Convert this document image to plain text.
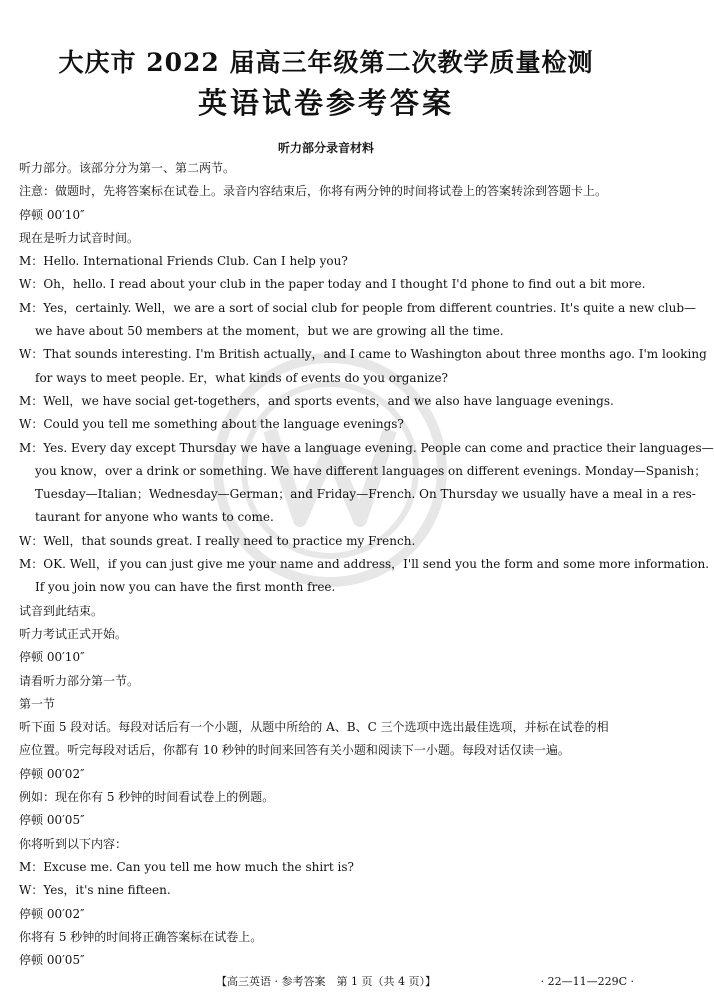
大庆市 2022 届高三年级第二次教学质量检测
英语试卷参考答案
听力部分录音材料
听力部分。该部分分为第一、第二两节。
注意：做题时，先将答案标在试卷上。录音内容结束后，你将有两分钟的时间将试卷上的答案转涂到答题卡上。
停顿 00′10″
现在是听力试音时间。
M：Hello. International Friends Club. Can I help you?
W：Oh，hello. I read about your club in the paper today and I thought I'd phone to find out a bit more.
M：Yes，certainly. Well，we are a sort of social club for people from different countries. It's quite a new club—
we have about 50 members at the moment，but we are growing all the time.
W：That sounds interesting. I'm British actually，and I came to Washington about three months ago. I'm looking
for ways to meet people. Er，what kinds of events do you organize?
M：Well，we have social get-togethers，and sports events，and we also have language evenings.
W：Could you tell me something about the language evenings?
M：Yes. Every day except Thursday we have a language evening. People can come and practice their languages—
you know，over a drink or something. We have different languages on different evenings. Monday—Spanish；
Tuesday—Italian；Wednesday—German；and Friday—French. On Thursday we usually have a meal in a res-
taurant for anyone who wants to come.
W：Well，that sounds great. I really need to practice my French.
M：OK. Well，if you can just give me your name and address，I'll send you the form and some more information.
If you join now you can have the first month free.
试音到此结束。
听力考试正式开始。
停顿 00′10″
请看听力部分第一节。
第一节
听下面 5 段对话。每段对话后有一个小题，从题中所给的 A、B、C 三个选项中选出最佳选项，并标在试卷的相
应位置。听完每段对话后，你都有 10 秒钟的时间来回答有关小题和阅读下一小题。每段对话仅读一遍。
停顿 00′02″
例如：现在你有 5 秒钟的时间看试卷上的例题。
停顿 00′05″
你将听到以下内容：
M：Excuse me. Can you tell me how much the shirt is?
W：Yes，it's nine fifteen.
停顿 00′02″
你将有 5 秒钟的时间将正确答案标在试卷上。
停顿 00′05″
【高三英语 · 参考答案　第 1 页（共 4 页）】	· 22—11—229C ·
